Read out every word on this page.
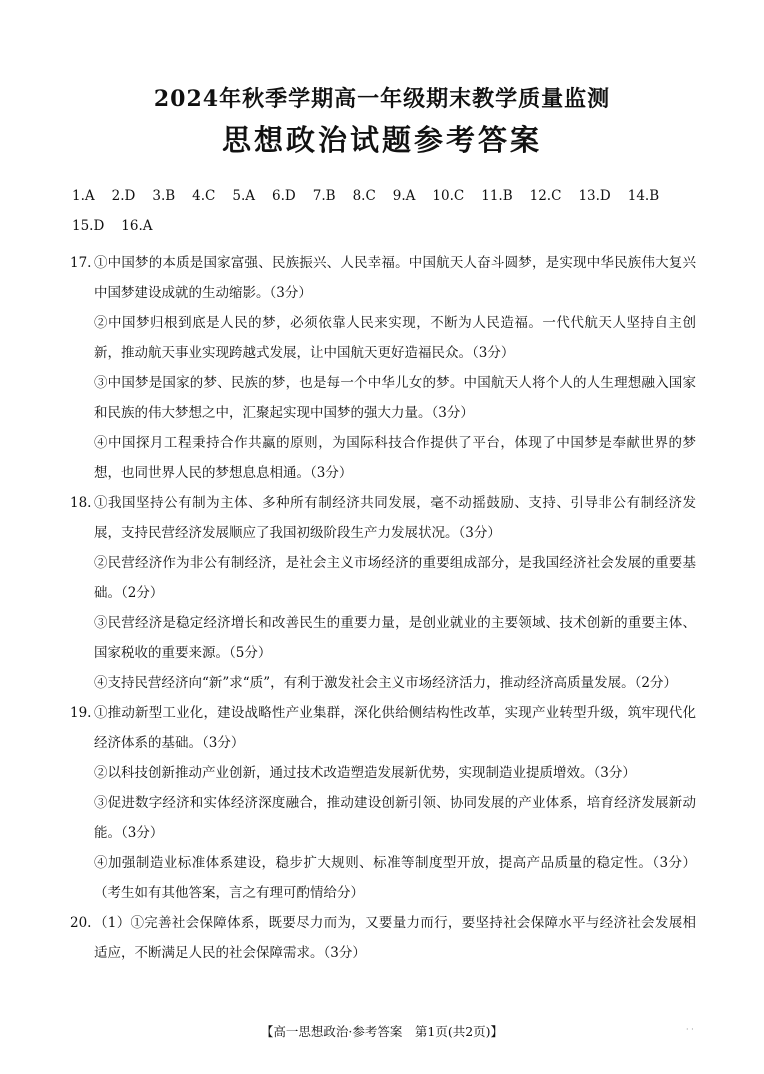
2024年秋季学期高一年级期末教学质量监测
思想政治试题参考答案
1.A 2.D 3.B 4.C 5.A 6.D 7.B 8.C 9.A 10.C 11.B 12.C 13.D 14.B
15.D 16.A
17. ①中国梦的本质是国家富强、民族振兴、人民幸福。中国航天人奋斗圆梦，是实现中华民族伟大复兴中国梦建设成就的生动缩影。（3分）

②中国梦归根到底是人民的梦，必须依靠人民来实现，不断为人民造福。一代代航天人坚持自主创新，推动航天事业实现跨越式发展，让中国航天更好造福民众。（3分）

③中国梦是国家的梦、民族的梦，也是每一个中华儿女的梦。中国航天人将个人的人生理想融入国家和民族的伟大梦想之中，汇聚起实现中国梦的强大力量。（3分）

④中国探月工程秉持合作共赢的原则，为国际科技合作提供了平台，体现了中国梦是奉献世界的梦想，也同世界人民的梦想息息相通。（3分）

18. ①我国坚持公有制为主体、多种所有制经济共同发展，毫不动摇鼓励、支持、引导非公有制经济发展，支持民营经济发展顺应了我国初级阶段生产力发展状况。（3分）

②民营经济作为非公有制经济，是社会主义市场经济的重要组成部分，是我国经济社会发展的重要基础。（2分）

③民营经济是稳定经济增长和改善民生的重要力量，是创业就业的主要领域、技术创新的重要主体、国家税收的重要来源。（5分）

④支持民营经济向“新”求“质”，有利于激发社会主义市场经济活力，推动经济高质量发展。（2分）

19. ①推动新型工业化，建设战略性产业集群，深化供给侧结构性改革，实现产业转型升级，筑牢现代化经济体系的基础。（3分）

②以科技创新推动产业创新，通过技术改造塑造发展新优势，实现制造业提质增效。（3分）

③促进数字经济和实体经济深度融合，推动建设创新引领、协同发展的产业体系，培育经济发展新动能。（3分）

④加强制造业标准体系建设，稳步扩大规则、标准等制度型开放，提高产品质量的稳定性。（3分）（考生如有其他答案，言之有理可酌情给分）

20. （1）①完善社会保障体系，既要尽力而为，又要量力而行，要坚持社会保障水平与经济社会发展相适应，不断满足人民的社会保障需求。（3分）

【高一思想政治·参考答案　第1页(共2页)】	· ·
